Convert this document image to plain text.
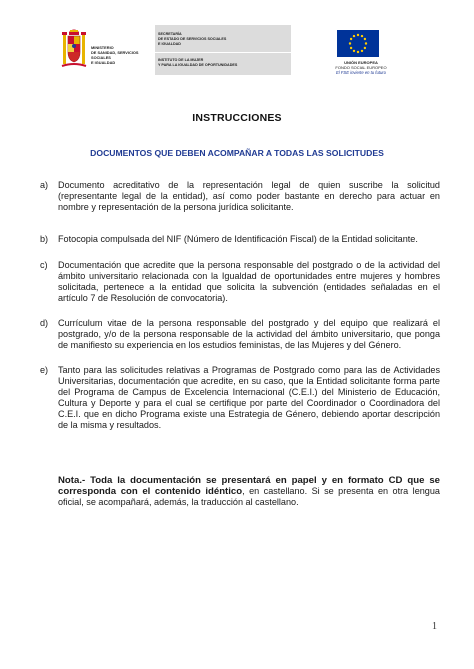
MINISTERIO
DE SANIDAD, SERVICIOS SOCIALES
E IGUALDAD
SECRETARÍA
DE ESTADO DE SERVICIOS SOCIALES
E IGUALDAD
INSTITUTO DE LA MUJER
Y PARA LA IGUALDAD DE OPORTUNIDADES	UNIÓN EUROPEA
FONDO SOCIAL EUROPEO
El FSE invierte en tu futuro
INSTRUCCIONES
DOCUMENTOS QUE DEBEN ACOMPAÑAR A TODAS LAS SOLICITUDES
a) Documento acreditativo de la representación legal de quien suscribe la solicitud (representante legal de la entidad), así como poder bastante en derecho para actuar en nombre y representación de la persona jurídica solicitante.
b) Fotocopia compulsada del NIF (Número de Identificación Fiscal) de la Entidad solicitante.
c) Documentación que acredite que la persona responsable del postgrado o de la actividad del ámbito universitario relacionada con la Igualdad de oportunidades entre mujeres y hombres solicitada, pertenece a la entidad que solicita la subvención (entidades señaladas en el artículo 7 de Resolución de convocatoria).
d) Currículum vitae de la persona responsable del postgrado y del equipo que realizará el postgrado, y/o de la persona responsable de la actividad del ámbito universitario, que ponga de manifiesto su experiencia en los estudios feministas, de las Mujeres y del Género.
e) Tanto para las solicitudes relativas a Programas de Postgrado como para las de Actividades Universitarias, documentación que acredite, en su caso, que la Entidad solicitante forma parte del Programa de Campus de Excelencia Internacional (C.E.I.) del Ministerio de Educación, Cultura y Deporte y para el cual se certifique por parte del Coordinador o Coordinadora del C.E.I. que en dicho Programa existe una Estrategia de Género, debiendo aportar descripción de la misma y resultados.
Nota.- Toda la documentación se presentará en papel y en formato CD que se corresponda con el contenido idéntico, en castellano. Si se presenta en otra lengua oficial, se acompañará, además, la traducción al castellano.
1
